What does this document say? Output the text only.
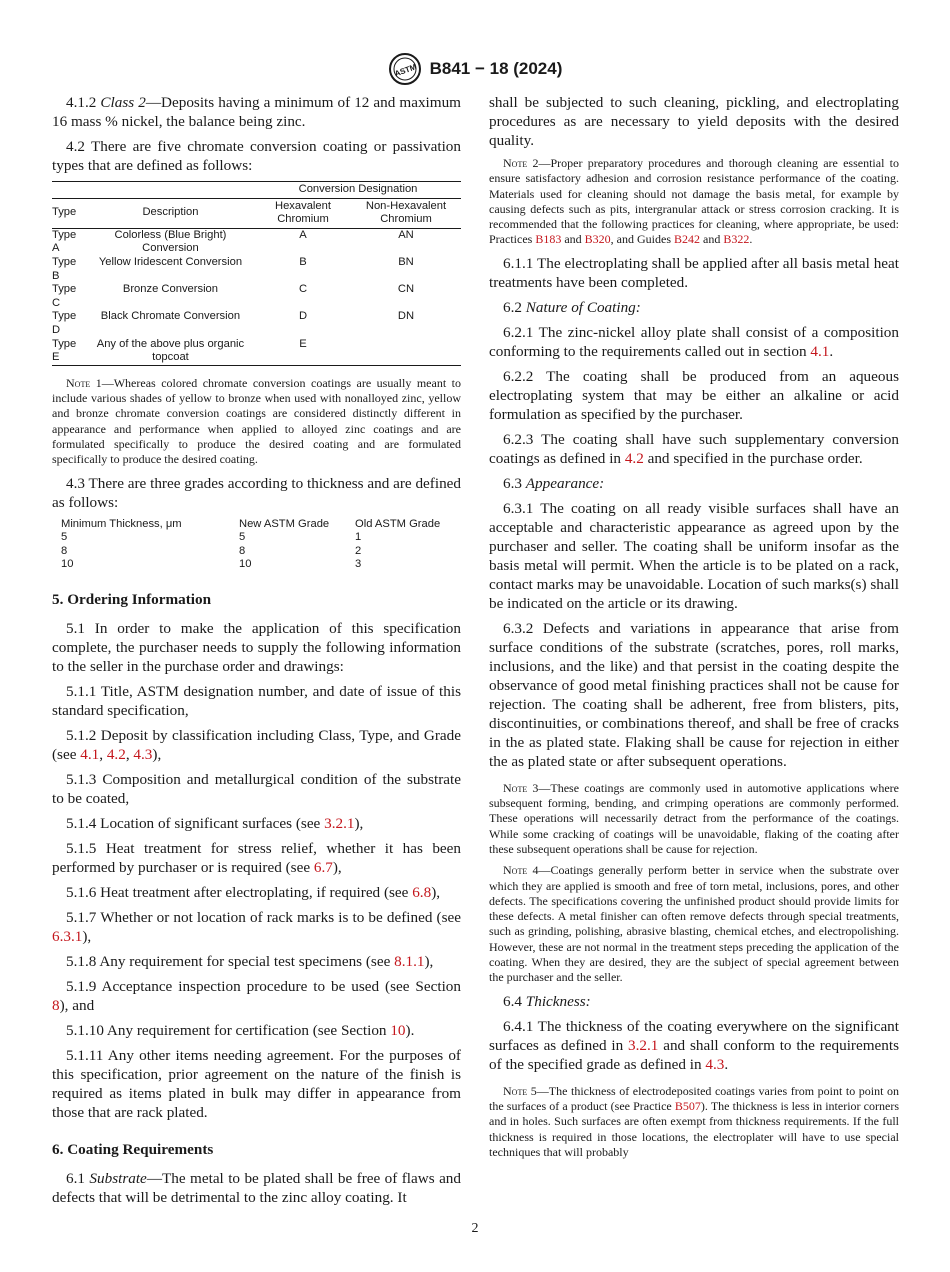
ASTM B841 − 18 (2024)

4.1.2 Class 2—Deposits having a minimum of 12 and maximum 16 mass % nickel, the balance being zinc.

4.2 There are five chromate conversion coating or passivation types that are defined as follows:

		Conversion Designation	
Type	Description	Hexavalent Chromium	Non-Hexavalent Chromium
Type A	Colorless (Blue Bright) Conversion	A	AN
Type B	Yellow Iridescent Conversion	B	BN
Type C	Bronze Conversion	C	CN
Type D	Black Chromate Conversion	D	DN
Type E	Any of the above plus organic topcoat	E	

Note 1—Whereas colored chromate conversion coatings are usually meant to include various shades of yellow to bronze when used with nonalloyed zinc, yellow and bronze chromate conversion coatings are considered distinctly different in appearance and performance when applied to alloyed zinc coatings and are formulated specifically to produce the desired coating and are formulated specifically to produce the desired coating.

4.3 There are three grades according to thickness and are defined as follows:

Minimum Thickness, μm	New ASTM Grade	Old ASTM Grade
5	5	1
8	8	2
10	10	3
5. Ordering Information

5.1 In order to make the application of this specification complete, the purchaser needs to supply the following information to the seller in the purchase order and drawings:

5.1.1 Title, ASTM designation number, and date of issue of this standard specification,

5.1.2 Deposit by classification including Class, Type, and Grade (see 4.1, 4.2, 4.3),

5.1.3 Composition and metallurgical condition of the substrate to be coated,

5.1.4 Location of significant surfaces (see 3.2.1),

5.1.5 Heat treatment for stress relief, whether it has been performed by purchaser or is required (see 6.7),

5.1.6 Heat treatment after electroplating, if required (see 6.8),

5.1.7 Whether or not location of rack marks is to be defined (see 6.3.1),

5.1.8 Any requirement for special test specimens (see 8.1.1),

5.1.9 Acceptance inspection procedure to be used (see Section 8), and

5.1.10 Any requirement for certification (see Section 10).

5.1.11 Any other items needing agreement. For the purposes of this specification, prior agreement on the nature of the finish is required as items plated in bulk may differ in appearance from those that are rack plated.

6. Coating Requirements

6.1 Substrate—The metal to be plated shall be free of flaws and defects that will be detrimental to the zinc alloy coating. It

shall be subjected to such cleaning, pickling, and electroplating procedures as are necessary to yield deposits with the desired quality.

Note 2—Proper preparatory procedures and thorough cleaning are essential to ensure satisfactory adhesion and corrosion resistance performance of the coating. Materials used for cleaning should not damage the basis metal, for example by causing defects such as pits, intergranular attack or stress corrosion cracking. It is recommended that the following practices for cleaning, where appropriate, be used: Practices B183 and B320, and Guides B242 and B322.

6.1.1 The electroplating shall be applied after all basis metal heat treatments have been completed.

6.2 Nature of Coating:

6.2.1 The zinc-nickel alloy plate shall consist of a composition conforming to the requirements called out in section 4.1.

6.2.2 The coating shall be produced from an aqueous electroplating system that may be either an alkaline or acid formulation as specified by the purchaser.

6.2.3 The coating shall have such supplementary conversion coatings as defined in 4.2 and specified in the purchase order.

6.3 Appearance:

6.3.1 The coating on all ready visible surfaces shall have an acceptable and characteristic appearance as agreed upon by the purchaser and seller. The coating shall be uniform insofar as the basis metal will permit. When the article is to be plated on a rack, contact marks may be unavoidable. Location of such marks(s) shall be indicated on the article or its drawing.

6.3.2 Defects and variations in appearance that arise from surface conditions of the substrate (scratches, pores, roll marks, inclusions, and the like) and that persist in the coating despite the observance of good metal finishing practices shall not be cause for rejection. The coating shall be adherent, free from blisters, pits, discontinuities, or combinations thereof, and shall be free of cracks in the as plated state. Flaking shall be cause for rejection in either the as plated state or after subsequent operations.

Note 3—These coatings are commonly used in automotive applications where subsequent forming, bending, and crimping operations are commonly performed. These operations will necessarily detract from the performance of the coatings. While some cracking of coatings will be unavoidable, flaking of the coating after these subsequent operations shall be cause for rejection.

Note 4—Coatings generally perform better in service when the substrate over which they are applied is smooth and free of torn metal, inclusions, pores, and other defects. The specifications covering the unfinished product should provide limits for these defects. A metal finisher can often remove defects through special treatments, such as grinding, polishing, abrasive blasting, chemical etches, and electropolishing. However, these are not normal in the treatment steps preceding the application of the coating. When they are desired, they are the subject of special agreement between the purchaser and the seller.

6.4 Thickness:

6.4.1 The thickness of the coating everywhere on the significant surfaces as defined in 3.2.1 and shall conform to the requirements of the specified grade as defined in 4.3.

Note 5—The thickness of electrodeposited coatings varies from point to point on the surfaces of a product (see Practice B507). The thickness is less in interior corners and in holes. Such surfaces are often exempt from thickness requirements. If the full thickness is required in those locations, the electroplater will have to use special techniques that will probably

2
